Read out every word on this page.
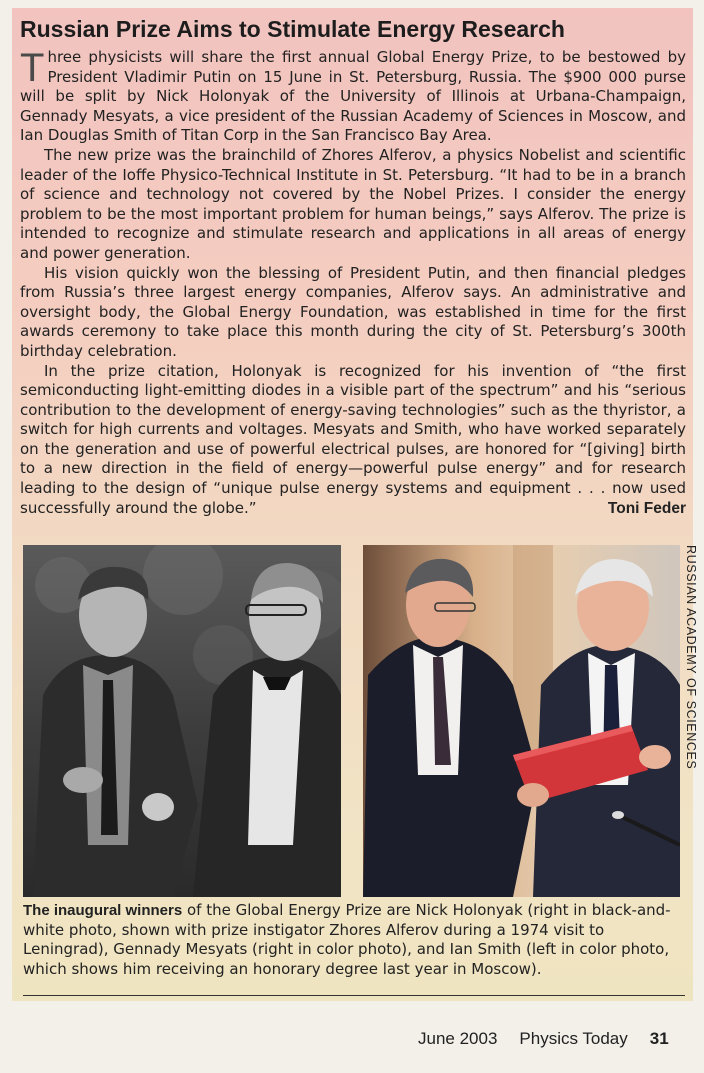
Russian Prize Aims to Stimulate Energy Research

Three physicists will share the first annual Global Energy Prize, to be bestowed by President Vladimir Putin on 15 June in St. Petersburg, Russia. The $900 000 purse will be split by Nick Holonyak of the University of Illinois at Urbana-Champaign, Gennady Mesyats, a vice president of the Russian Academy of Sciences in Moscow, and Ian Douglas Smith of Titan Corp in the San Francisco Bay Area.

The new prize was the brainchild of Zhores Alferov, a physics Nobelist and scientific leader of the Ioffe Physico-Technical Institute in St. Petersburg. “It had to be in a branch of science and technology not covered by the Nobel Prizes. I consider the energy problem to be the most important problem for human beings,” says Alferov. The prize is intended to recognize and stimulate research and applications in all areas of energy and power generation.

His vision quickly won the blessing of President Putin, and then financial pledges from Russia’s three largest energy companies, Alferov says. An administrative and oversight body, the Global Energy Foundation, was established in time for the first awards ceremony to take place this month during the city of St. Petersburg’s 300th birthday celebration.

In the prize citation, Holonyak is recognized for his invention of “the first semiconducting light-emitting diodes in a visible part of the spectrum” and his “serious contribution to the development of energy-saving technologies” such as the thyristor, a switch for high currents and voltages. Mesyats and Smith, who have worked separately on the generation and use of powerful electrical pulses, are honored for “[giving] birth to a new direction in the field of energy—powerful pulse energy” and for research leading to the design of “unique pulse energy systems and equipment . . . now used successfully around the globe.”	Toni Feder

RUSSIAN ACADEMY OF SCIENCES
The inaugural winners of the Global Energy Prize are Nick Holonyak (right in black-and-white photo, shown with prize instigator Zhores Alferov during a 1974 visit to Leningrad), Gennady Mesyats (right in color photo), and Ian Smith (left in color photo, which shows him receiving an honorary degree last year in Moscow).
June 2003 Physics Today 31
